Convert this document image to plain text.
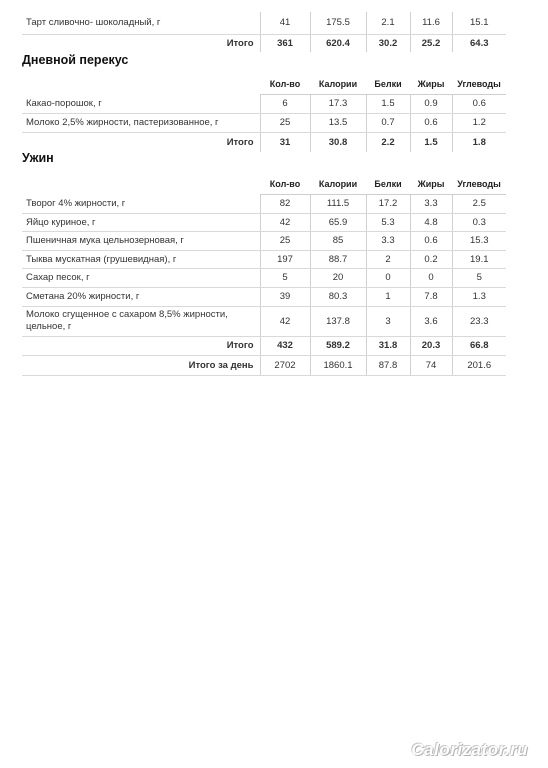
Тарт сливочно- шоколадный, г	41	175.5	2.1	11.6	15.1
Итого	361	620.4	30.2	25.2	64.3
Дневной перекус
	Кол-во	Калории	Белки	Жиры	Углеводы
Какао-порошок, г	6	17.3	1.5	0.9	0.6
Молоко 2,5% жирности, пастеризованное, г	25	13.5	0.7	0.6	1.2
Итого	31	30.8	2.2	1.5	1.8
Ужин
	Кол-во	Калории	Белки	Жиры	Углеводы
Творог 4% жирности, г	82	111.5	17.2	3.3	2.5
Яйцо куриное, г	42	65.9	5.3	4.8	0.3
Пшеничная мука цельнозерновая, г	25	85	3.3	0.6	15.3
Тыква мускатная (грушевидная), г	197	88.7	2	0.2	19.1
Сахар песок, г	5	20	0	0	5
Сметана 20% жирности, г	39	80.3	1	7.8	1.3
Молоко сгущенное с сахаром 8,5% жирности, цельное, г	42	137.8	3	3.6	23.3
Итого	432	589.2	31.8	20.3	66.8
Итого за день	2702	1860.1	87.8	74	201.6
Calorizator.ru
